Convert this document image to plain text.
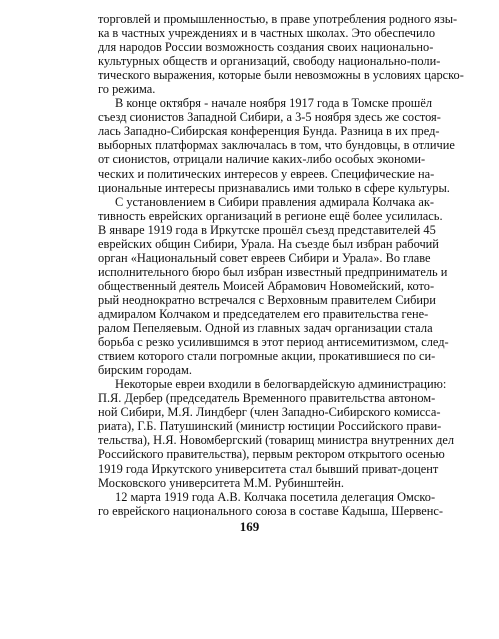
торговлей и промышленностью, в праве употребления родного язы-
ка в частных учреждениях и в частных школах. Это обеспечило
для народов России возможность создания своих национально-
культурных обществ и организаций, свободу национально-поли-
тического выражения, которые были невозможны в условиях царско-
го режима.
В конце октября - начале ноября 1917 года в Томске прошёл
съезд сионистов Западной Сибири, а 3-5 ноября здесь же состоя-
лась Западно-Сибирская конференция Бунда. Разница в их пред-
выборных платформах заключалась в том, что бундовцы, в отличие
от сионистов, отрицали наличие каких-либо особых экономи-
ческих и политических интересов у евреев. Специфические на-
циональные интересы признавались ими только в сфере культуры.
С установлением в Сибири правления адмирала Колчака ак-
тивность еврейских организаций в регионе ещё более усилилась.
В январе 1919 года в Иркутске прошёл съезд представителей 45
еврейских общин Сибири, Урала. На съезде был избран рабочий
орган «Национальный совет евреев Сибири и Урала». Во главе
исполнительного бюро был избран известный предприниматель и
общественный деятель Моисей Абрамович Новомейский, кото-
рый неоднократно встречался с Верховным правителем Сибири
адмиралом Колчаком и председателем его правительства гене-
ралом Пепеляевым. Одной из главных задач организации стала
борьба с резко усилившимся в этот период антисемитизмом, след-
ствием которого стали погромные акции, прокатившиеся по си-
бирским городам.
Некоторые евреи входили в белогвардейскую администрацию:
П.Я. Дербер (председатель Временного правительства автоном-
ной Сибири, М.Я. Линдберг (член Западно-Сибирского комисса-
риата), Г.Б. Патушинский (министр юстиции Российского прави-
тельства), Н.Я. Новомбергский (товарищ министра внутренних дел
Российского правительства), первым ректором открытого осенью
1919 года Иркутского университета стал бывший приват-доцент
Московского университета М.М. Рубинштейн.
12 марта 1919 года А.В. Колчака посетила делегация Омско-
го еврейского национального союза в составе Кадыша, Шервенс-
169
